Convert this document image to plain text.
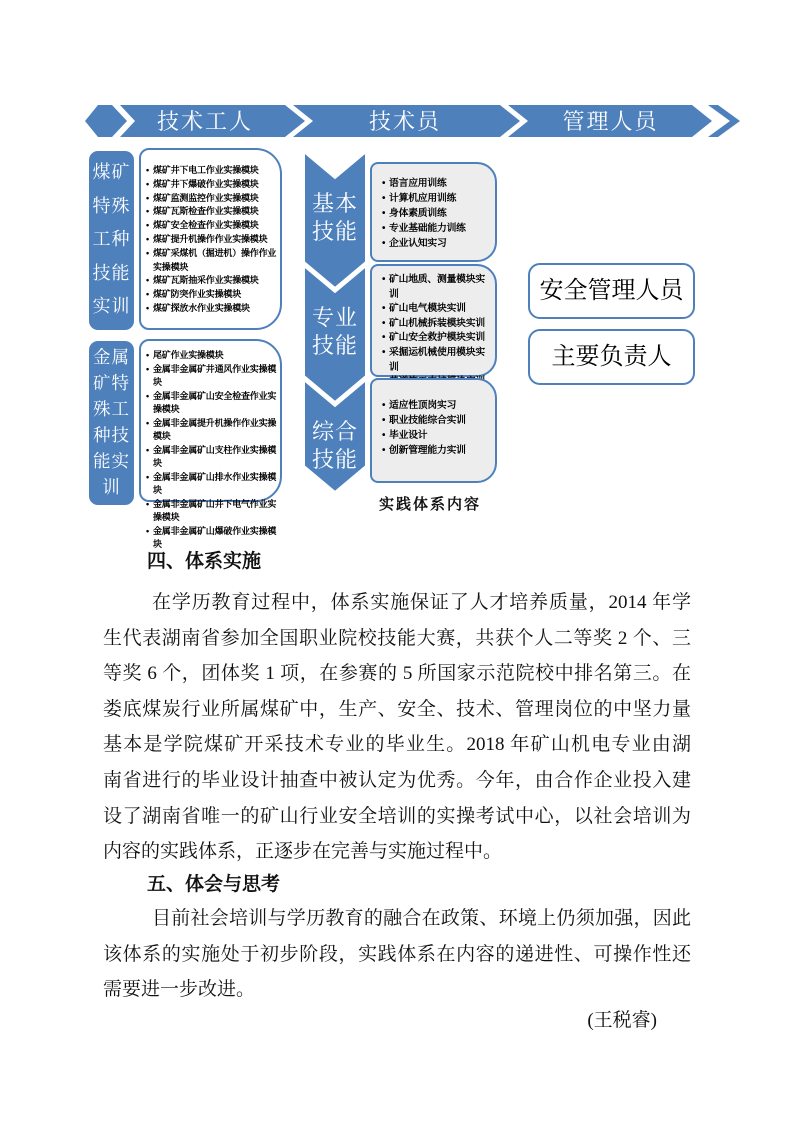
技术工人	技术员	管理人员
煤矿
特殊
工种
技能
实训
• 煤矿井下电工作业实操模块
• 煤矿井下爆破作业实操模块
• 煤矿监测监控作业实操模块
• 煤矿瓦斯检查作业实操模块
• 煤矿安全检查作业实操模块
• 煤矿提升机操作作业实操模块
• 煤矿采煤机（掘进机）操作作业实操模块
• 煤矿瓦斯抽采作业实操模块
• 煤矿防突作业实操模块
• 煤矿探放水作业实操模块
金属
矿特
殊工
种技
能实
训
• 尾矿作业实操模块
• 金属非金属矿井通风作业实操模块
• 金属非金属矿山安全检查作业实操模块
• 金属非金属提升机操作作业实操模块
• 金属非金属矿山支柱作业实操模块
• 金属非金属矿山排水作业实操模块
• 金属非金属矿山井下电气作业实操模块
• 金属非金属矿山爆破作业实操模块
基本
技能
专业
技能
综合
技能
• 语言应用训练
• 计算机应用训练
• 身体素质训练
• 专业基础能力训练
• 企业认知实习
• 矿山地质、测量模块实训
• 矿山电气模块实训
• 矿山机械拆装模块实训
• 矿山安全救护模块实训
• 采掘运机械使用模块实训
•
•
• 适应性顶岗实习
• 职业技能综合实训
• 毕业设计
• 创新管理能力实训
安全管理人员
主要负责人
实践体系内容
四、体系实施
在学历教育过程中，体系实施保证了人才培养质量，2014 年学
生代表湖南省参加全国职业院校技能大赛，共获个人二等奖 2 个、三
等奖 6 个，团体奖 1 项，在参赛的 5 所国家示范院校中排名第三。在
娄底煤炭行业所属煤矿中，生产、安全、技术、管理岗位的中坚力量
基本是学院煤矿开采技术专业的毕业生。2018 年矿山机电专业由湖
南省进行的毕业设计抽查中被认定为优秀。今年，由合作企业投入建
设了湖南省唯一的矿山行业安全培训的实操考试中心，以社会培训为
内容的实践体系，正逐步在完善与实施过程中。
五、体会与思考
目前社会培训与学历教育的融合在政策、环境上仍须加强，因此
该体系的实施处于初步阶段，实践体系在内容的递进性、可操作性还
需要进一步改进。
(王税睿)
